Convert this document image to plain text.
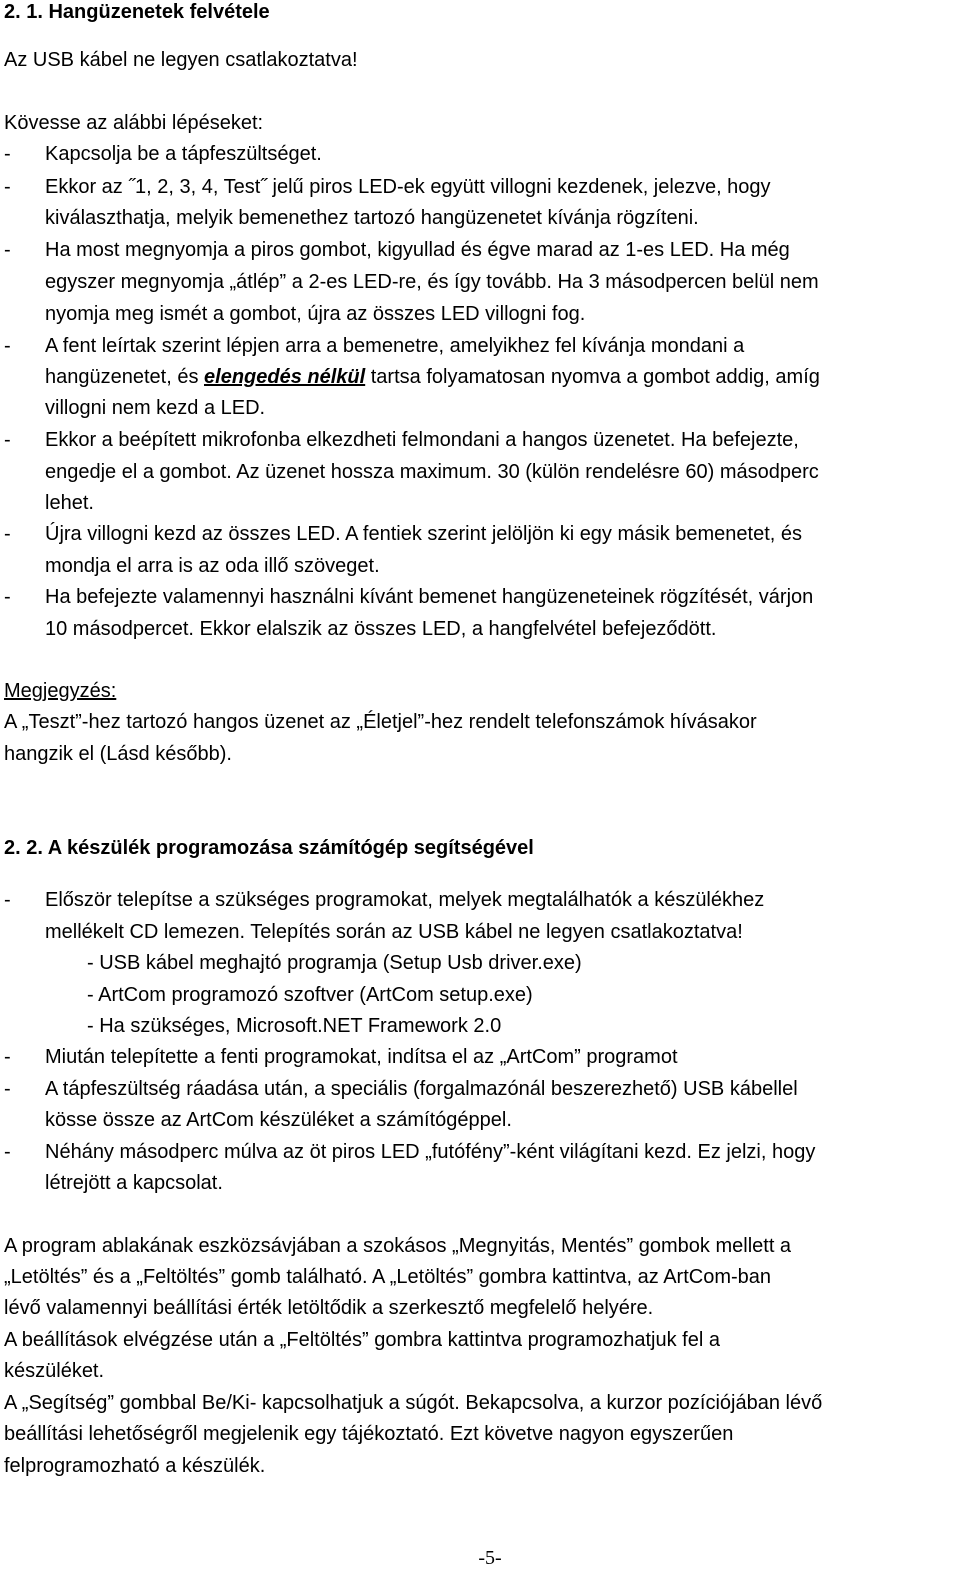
2. 1. Hangüzenetek felvétele
Az USB kábel ne legyen csatlakoztatva!
Kövesse az alábbi lépéseket:
- Kapcsolja be a tápfeszültséget.
- Ekkor az ˝1, 2, 3, 4, Test˝ jelű piros LED-ek együtt villogni kezdenek, jelezve, hogy
kiválaszthatja, melyik bemenethez tartozó hangüzenetet kívánja rögzíteni.
- Ha most megnyomja a piros gombot, kigyullad és égve marad az 1-es LED. Ha még
egyszer megnyomja „átlép” a 2-es LED-re, és így tovább. Ha 3 másodpercen belül nem
nyomja meg ismét a gombot, újra az összes LED villogni fog.
- A fent leírtak szerint lépjen arra a bemenetre, amelyikhez fel kívánja mondani a
hangüzenetet, és elengedés nélkül tartsa folyamatosan nyomva a gombot addig, amíg
villogni nem kezd a LED.
- Ekkor a beépített mikrofonba elkezdheti felmondani a hangos üzenetet. Ha befejezte,
engedje el a gombot. Az üzenet hossza maximum. 30 (külön rendelésre 60) másodperc
lehet.
- Újra villogni kezd az összes LED. A fentiek szerint jelöljön ki egy másik bemenetet, és
mondja el arra is az oda illő szöveget.
- Ha befejezte valamennyi használni kívánt bemenet hangüzeneteinek rögzítését, várjon
10 másodpercet. Ekkor elalszik az összes LED, a hangfelvétel befejeződött.
Megjegyzés:
A „Teszt”-hez tartozó hangos üzenet az „Életjel”-hez rendelt telefonszámok hívásakor
hangzik el (Lásd később).
2. 2. A készülék programozása számítógép segítségével
- Először telepítse a szükséges programokat, melyek megtalálhatók a készülékhez
mellékelt CD lemezen. Telepítés során az USB kábel ne legyen csatlakoztatva!
- USB kábel meghajtó programja (Setup Usb driver.exe)
- ArtCom programozó szoftver (ArtCom setup.exe)
- Ha szükséges, Microsoft.NET Framework 2.0
- Miután telepítette a fenti programokat, indítsa el az „ArtCom” programot
- A tápfeszültség ráadása után, a speciális (forgalmazónál beszerezhető) USB kábellel
kösse össze az ArtCom készüléket a számítógéppel.
- Néhány másodperc múlva az öt piros LED „futófény”-ként világítani kezd. Ez jelzi, hogy
létrejött a kapcsolat.
A program ablakának eszközsávjában a szokásos „Megnyitás, Mentés” gombok mellett a
„Letöltés” és a „Feltöltés” gomb található. A „Letöltés” gombra kattintva, az ArtCom-ban
lévő valamennyi beállítási érték letöltődik a szerkesztő megfelelő helyére.
A beállítások elvégzése után a „Feltöltés” gombra kattintva programozhatjuk fel a
készüléket.
A „Segítség” gombbal Be/Ki- kapcsolhatjuk a súgót. Bekapcsolva, a kurzor pozíciójában lévő
beállítási lehetőségről megjelenik egy tájékoztató. Ezt követve nagyon egyszerűen
felprogramozható a készülék.
-5-
